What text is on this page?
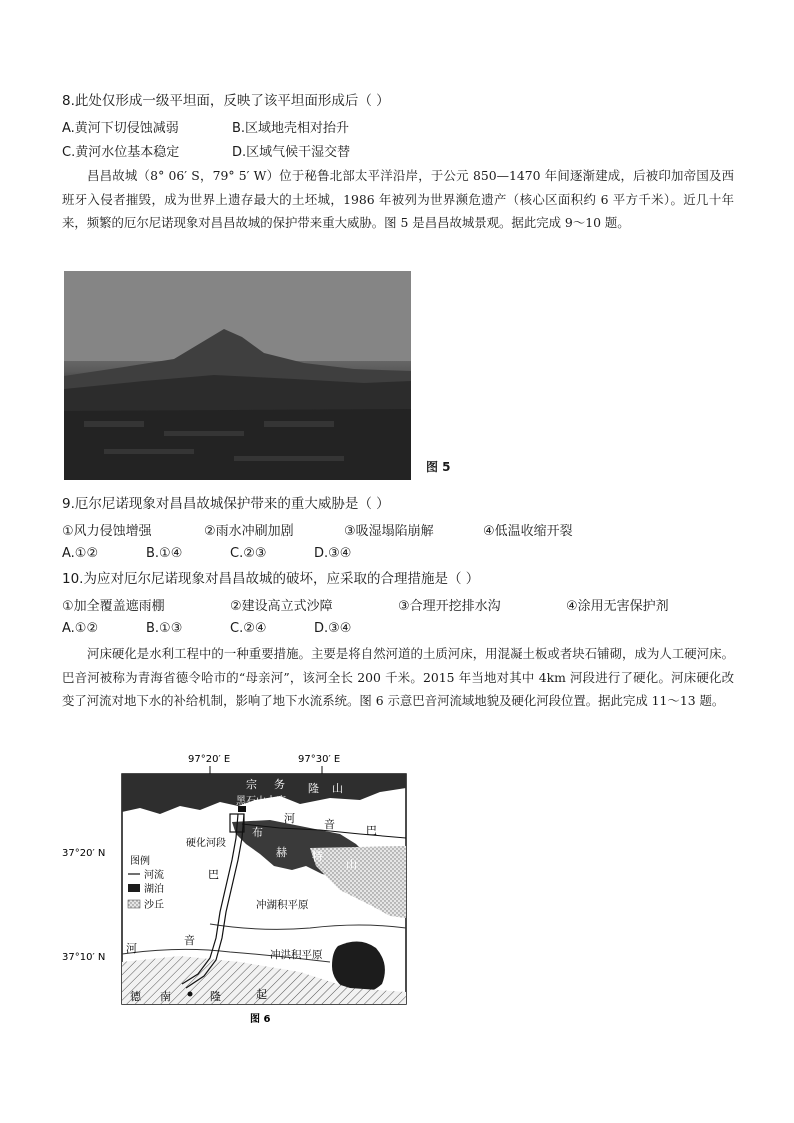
8.此处仅形成一级平坦面，反映了该平坦面形成后（ ）
A.黄河下切侵蚀减弱	B.区域地壳相对抬升
C.黄河水位基本稳定	D.区域气候干湿交替
昌昌故城（8° 06′ S，79° 5′ W）位于秘鲁北部太平洋沿岸，于公元 850—1470 年间逐渐建成，后被印加帝国及西班牙入侵者摧毁，成为世界上遗存最大的土坯城，1986 年被列为世界濒危遗产（核心区面积约 6 平方千米）。近几十年来，频繁的厄尔尼诺现象对昌昌故城的保护带来重大威胁。图 5 是昌昌故城景观。据此完成 9～10 题。
图 5
9.厄尔尼诺现象对昌昌故城保护带来的重大威胁是（ ）
①风力侵蚀增强	②雨水冲刷加剧	③吸湿塌陷崩解	④低温收缩开裂
A.①②	B.①④	C.②③	D.③④
10.为应对厄尔尼诺现象对昌昌故城的破坏，应采取的合理措施是（ ）
①加全覆盖遮雨棚	②建设高立式沙障	③合理开挖排水沟	④涂用无害保护剂
A.①②	B.①③	C.②④	D.③④
河床硬化是水利工程中的一种重要措施。主要是将自然河道的土质河床，用混凝土板或者块石铺砌，成为人工硬河床。巴音河被称为青海省德令哈市的“母亲河”，该河全长 200 千米。2015 年当地对其中 4km 河段进行了硬化。河床硬化改变了河流对地下水的补给机制，影响了地下水流系统。图 6 示意巴音河流域地貌及硬化河段位置。据此完成 11～13 题。
97°20′ E	97°30′ E
37°20′ N
37°10′ N
黑石山水库
硬化河段
宗 务 隆 山
布
赫 特
山
河	音	巴
巴
音
河
冲湖积平原
冲洪积平原
德 南	隆	起
图例
河流
湖泊
沙丘
图 6
